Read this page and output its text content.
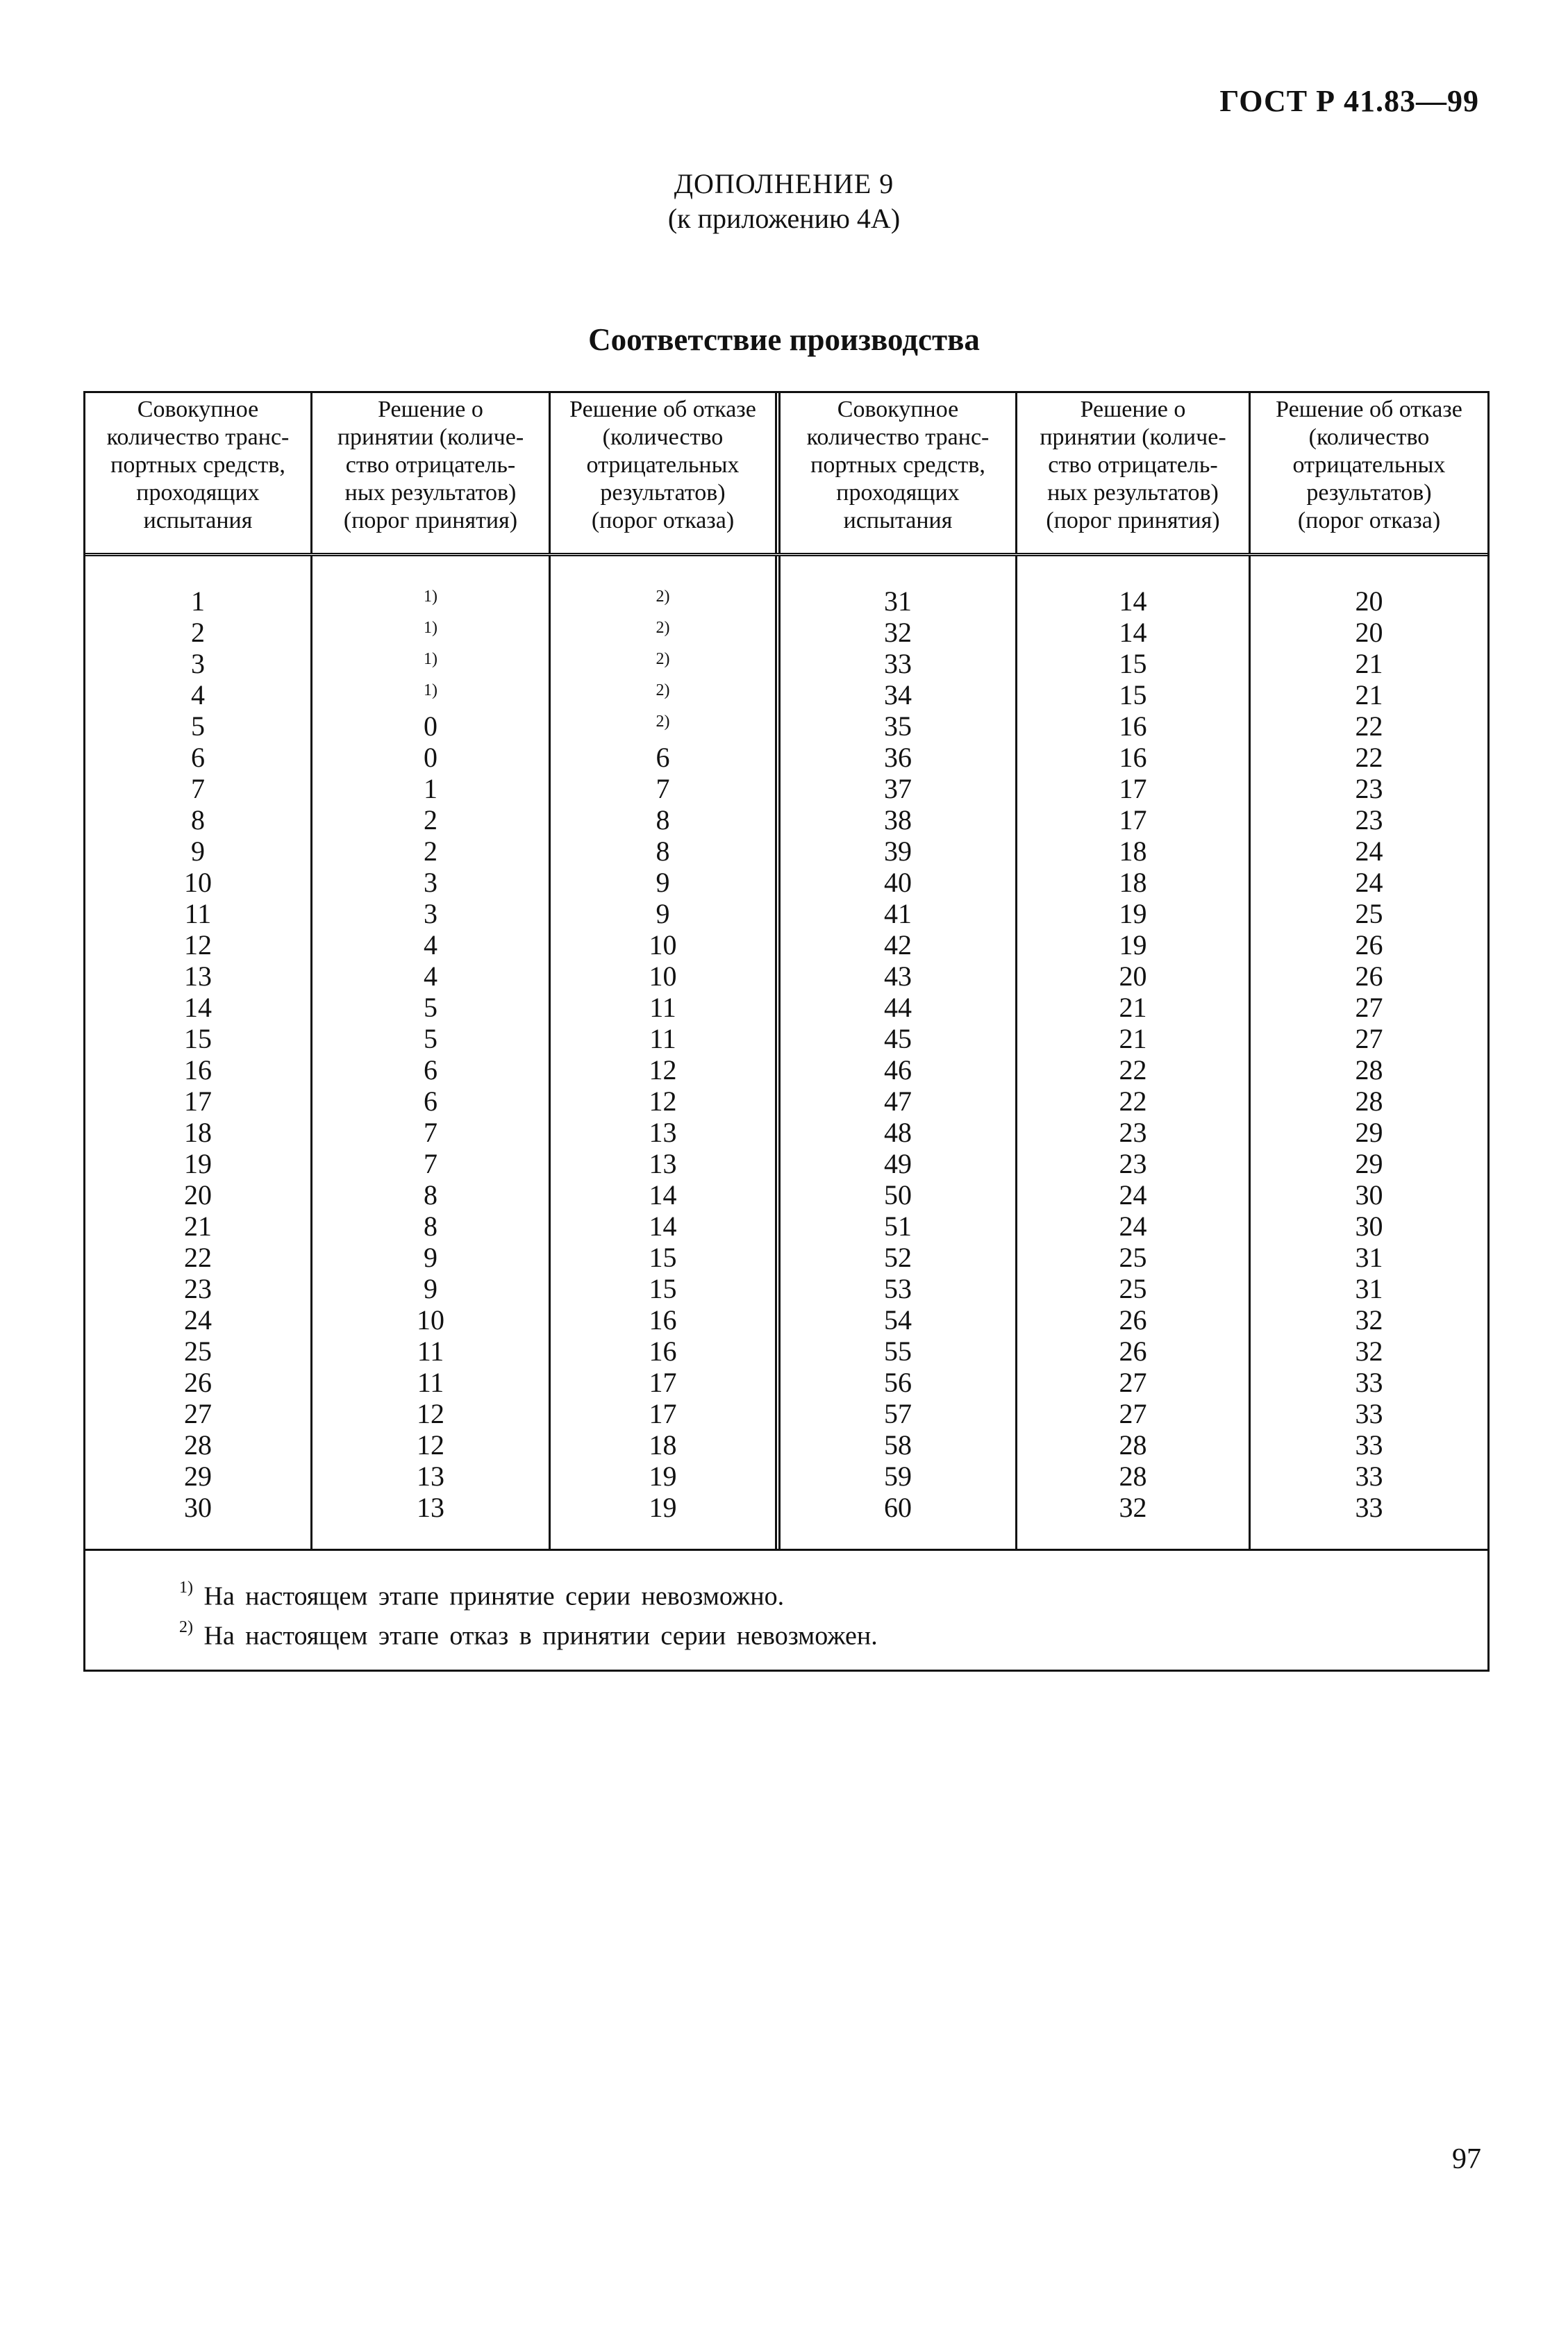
ГОСТ Р 41.83—99
ДОПОЛНЕНИЕ 9
(к приложению 4А)
Соответствие производства
Совокупное
количество транс-
портных средств,
проходящих
испытания
Решение о
принятии (количе-
ство отрицатель-
ных результатов)
(порог принятия)
Решение об отказе
(количество
отрицательных
результатов)
(порог отказа)
Совокупное
количество транс-
портных средств,
проходящих
испытания
Решение о
принятии (количе-
ство отрицатель-
ных результатов)
(порог принятия)
Решение об отказе
(количество
отрицательных
результатов)
(порог отказа)
1
2
3
4
5
6
7
8
9
10
11
12
13
14
15
16
17
18
19
20
21
22
23
24
25
26
27
28
29
30
1)
1)
1)
1)
0
0
1
2
2
3
3
4
4
5
5
6
6
7
7
8
8
9
9
10
11
11
12
12
13
13
2)
2)
2)
2)
2)
6
7
8
8
9
9
10
10
11
11
12
12
13
13
14
14
15
15
16
16
17
17
18
19
19
31
32
33
34
35
36
37
38
39
40
41
42
43
44
45
46
47
48
49
50
51
52
53
54
55
56
57
58
59
60
14
14
15
15
16
16
17
17
18
18
19
19
20
21
21
22
22
23
23
24
24
25
25
26
26
27
27
28
28
32
20
20
21
21
22
22
23
23
24
24
25
26
26
27
27
28
28
29
29
30
30
31
31
32
32
33
33
33
33
33
$^{1)}$ На настоящем этапе принятие серии невозможно.
$^{2)}$ На настоящем этапе отказ в принятии серии невозможен.
97
